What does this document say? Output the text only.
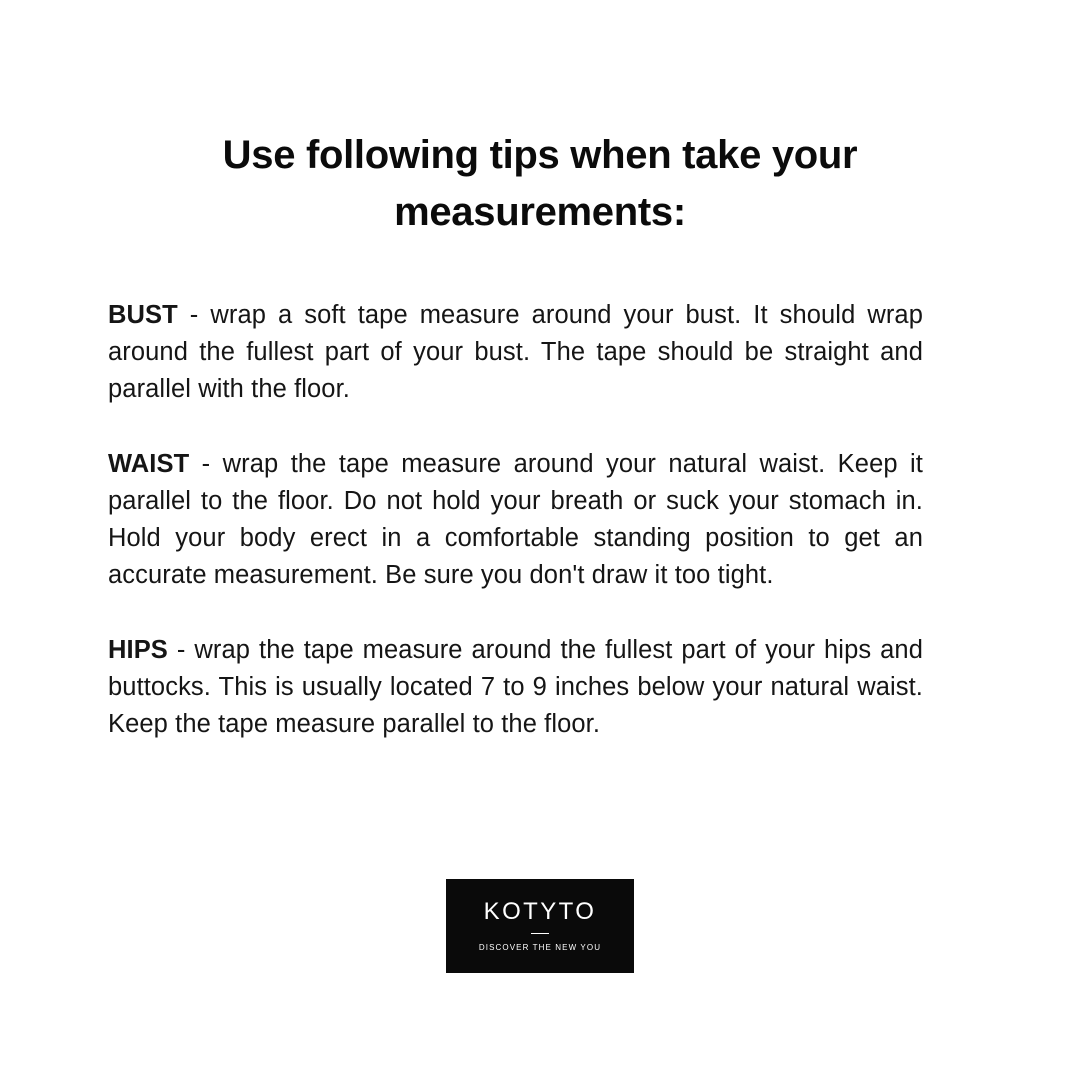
Use following tips when take your measurements:

BUST - wrap a soft tape measure around your bust. It should wrap around the fullest part of your bust. The tape should be straight and parallel with the floor.

WAIST - wrap the tape measure around your natural waist. Keep it parallel to the floor. Do not hold your breath or suck your stomach in. Hold your body erect in a comfortable standing position to get an accurate measurement. Be sure you don't draw it too tight.

HIPS - wrap the tape measure around the fullest part of your hips and buttocks. This is usually located 7 to 9 inches below your natural waist. Keep the tape measure parallel to the floor.

KOTYTO
DISCOVER THE NEW YOU
